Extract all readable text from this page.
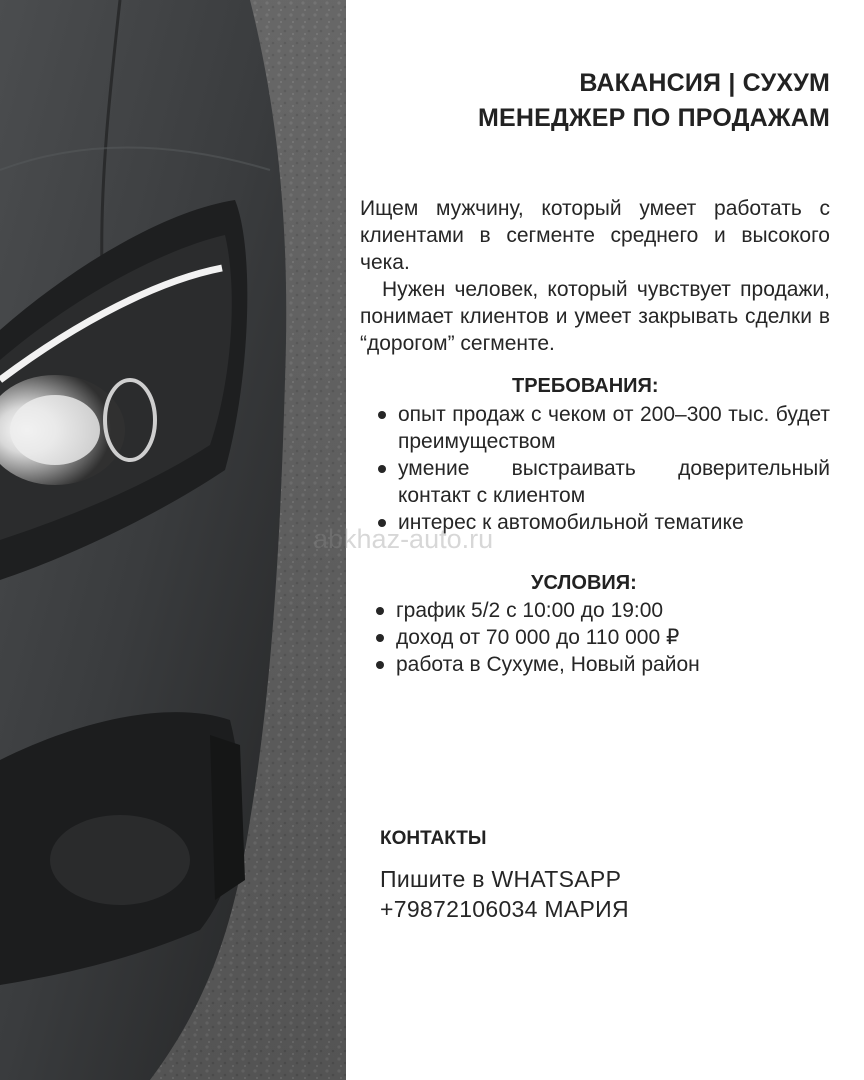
ВАКАНСИЯ | СУХУМ
МЕНЕДЖЕР ПО ПРОДАЖАМ

Ищем мужчину, который умеет работать с клиентами в сегменте среднего и высокого чека.

Нужен человек, который чувствует продажи, понимает клиентов и умеет закрывать сделки в “дорогом” сегменте.

ТРЕБОВАНИЯ:
опыт продаж с чеком от 200–300 тыс. будет преимуществом
умение выстраивать доверительный контакт с клиентом
интерес к автомобильной тематике
УСЛОВИЯ:
график 5/2 с 10:00 до 19:00
доход от 70 000 до 110 000 ₽
работа в Сухуме, Новый район
КОНТАКТЫ
Пишите в WHATSAPP
+79872106034 МАРИЯ
abkhaz-auto.ru
